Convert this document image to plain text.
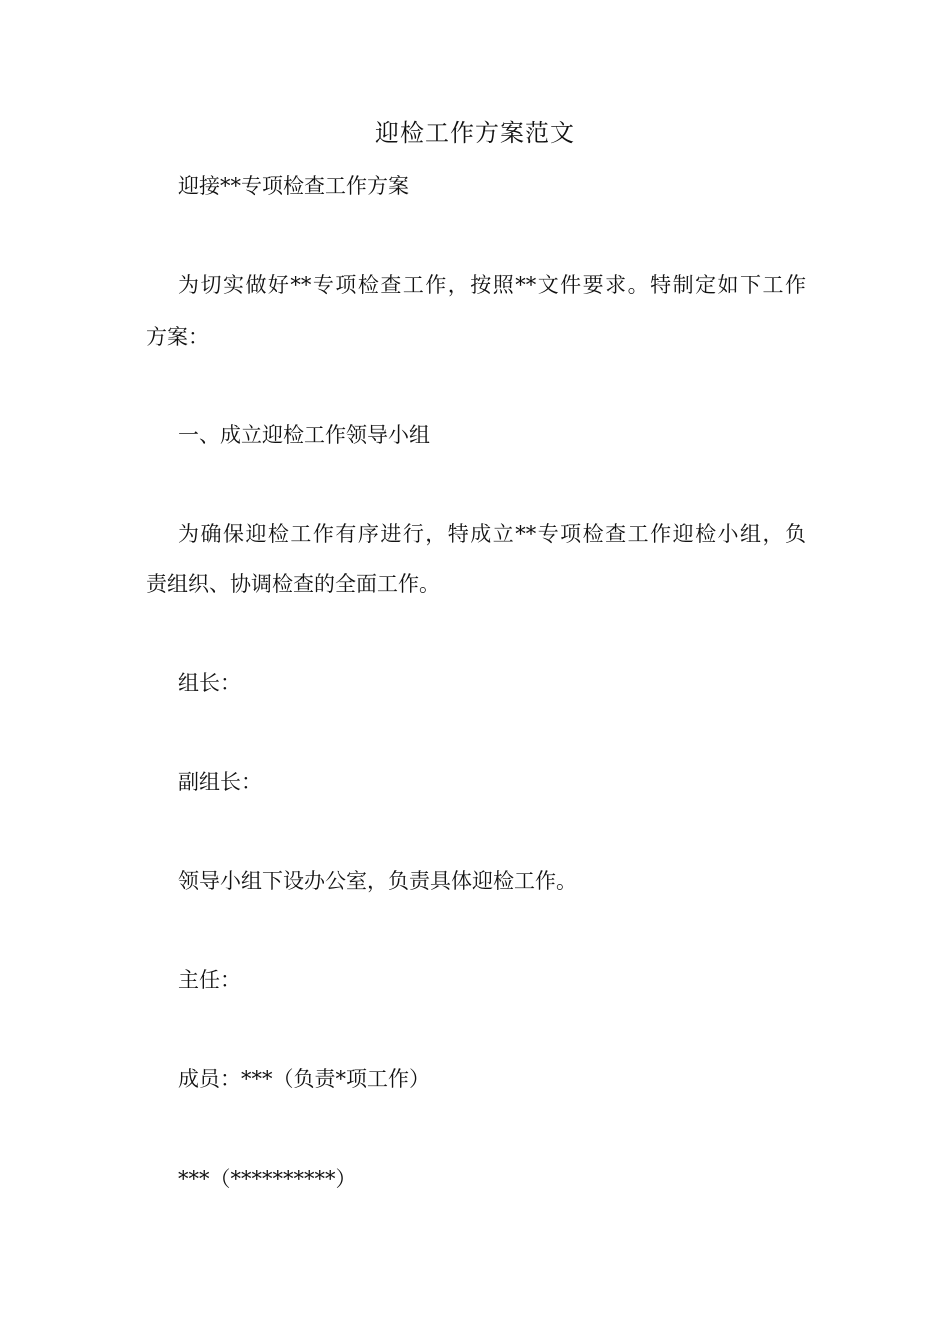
迎检工作方案范文
迎接**专项检查工作方案
为切实做好**专项检查工作，按照**文件要求。特制定如下工作
方案：
一、成立迎检工作领导小组
为确保迎检工作有序进行，特成立**专项检查工作迎检小组，负
责组织、协调检查的全面工作。
组长：
副组长：
领导小组下设办公室，负责具体迎检工作。
主任：
成员：***（负责*项工作）
***（**********）
